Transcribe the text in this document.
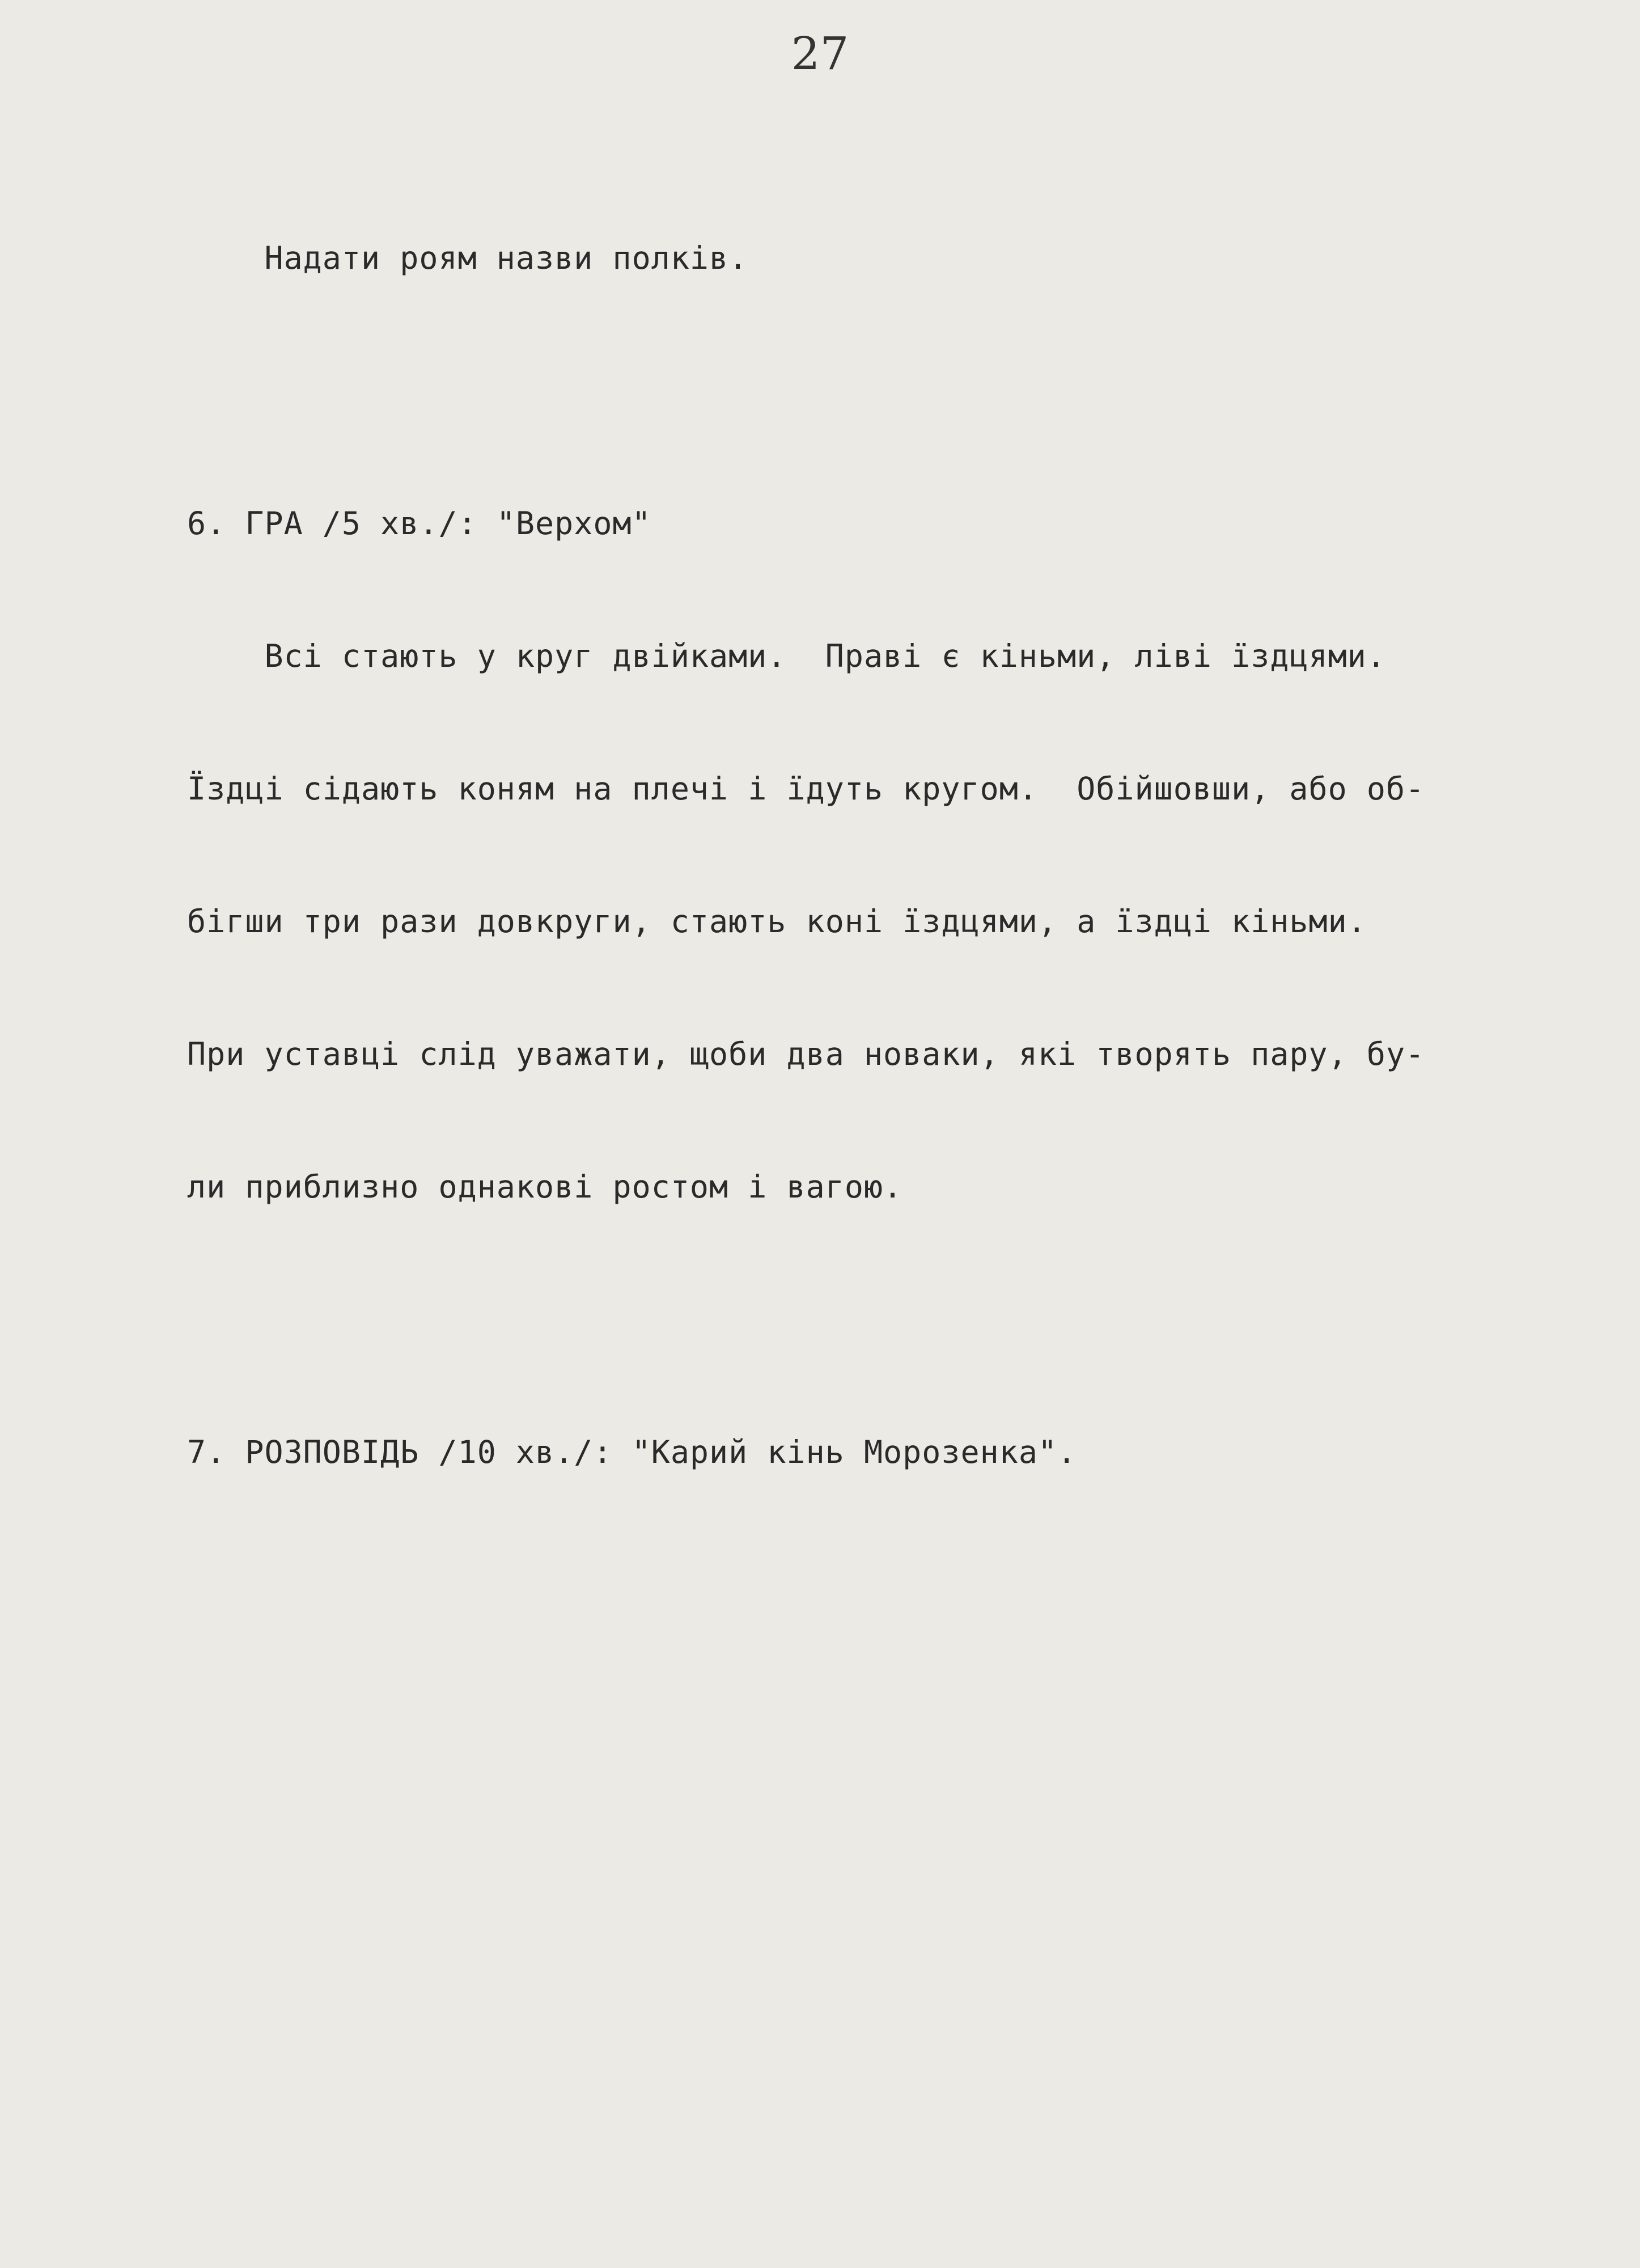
27

Надати роям назви полків.

6. ГРА /5 хв./: "Верхом"

Всі стають у круг двійками.  Праві є кіньми, ліві їздцями.

Їздці сідають коням на плечі і їдуть кругом.  Обійшовши, або об-

бігши три рази довкруги, стають коні їздцями, а їздці кіньми.

При уставці слід уважати, щоби два новаки, які творять пару, бу-

ли приблизно однакові ростом і вагою.

7. РОЗПОВІДЬ /10 хв./: "Карий кінь Морозенка".
